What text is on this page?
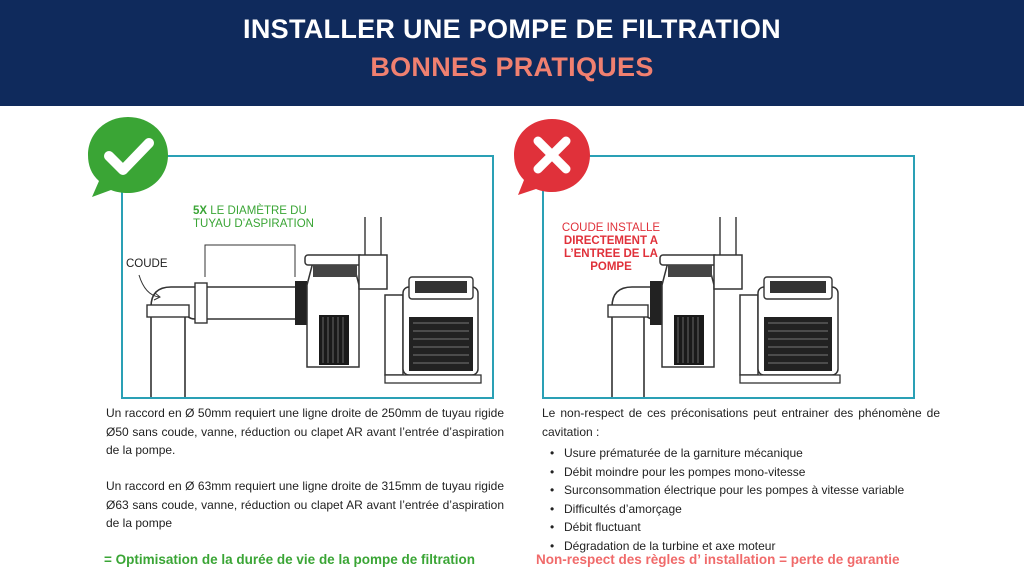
INSTALLER UNE POMPE DE FILTRATION
BONNES PRATIQUES
5X LE DIAMÈTRE DU
TUYAU D’ASPIRATION
COUDE
COUDE INSTALLE
DIRECTEMENT A
L’ENTREE DE LA
POMPE
Un raccord en Ø 50mm requiert une ligne droite de 250mm de tuyau rigide Ø50 sans coude, vanne, réduction ou clapet AR avant l’entrée d’aspiration de la pompe.
Un raccord en Ø 63mm requiert une ligne droite de 315mm de tuyau rigide Ø63 sans coude, vanne, réduction ou clapet AR avant l’entrée d’aspiration de la pompe
Le non-respect de ces préconisations peut entrainer des phénomène de cavitation :
• Usure prématurée de la garniture mécanique
• Débit moindre pour les pompes mono-vitesse
• Surconsommation électrique pour les pompes à vitesse variable
• Difficultés d’amorçage
• Débit fluctuant
• Dégradation de la turbine et axe moteur
= Optimisation de la durée de vie de la pompe de filtration	Non-respect des règles d’ installation = perte de garantie
